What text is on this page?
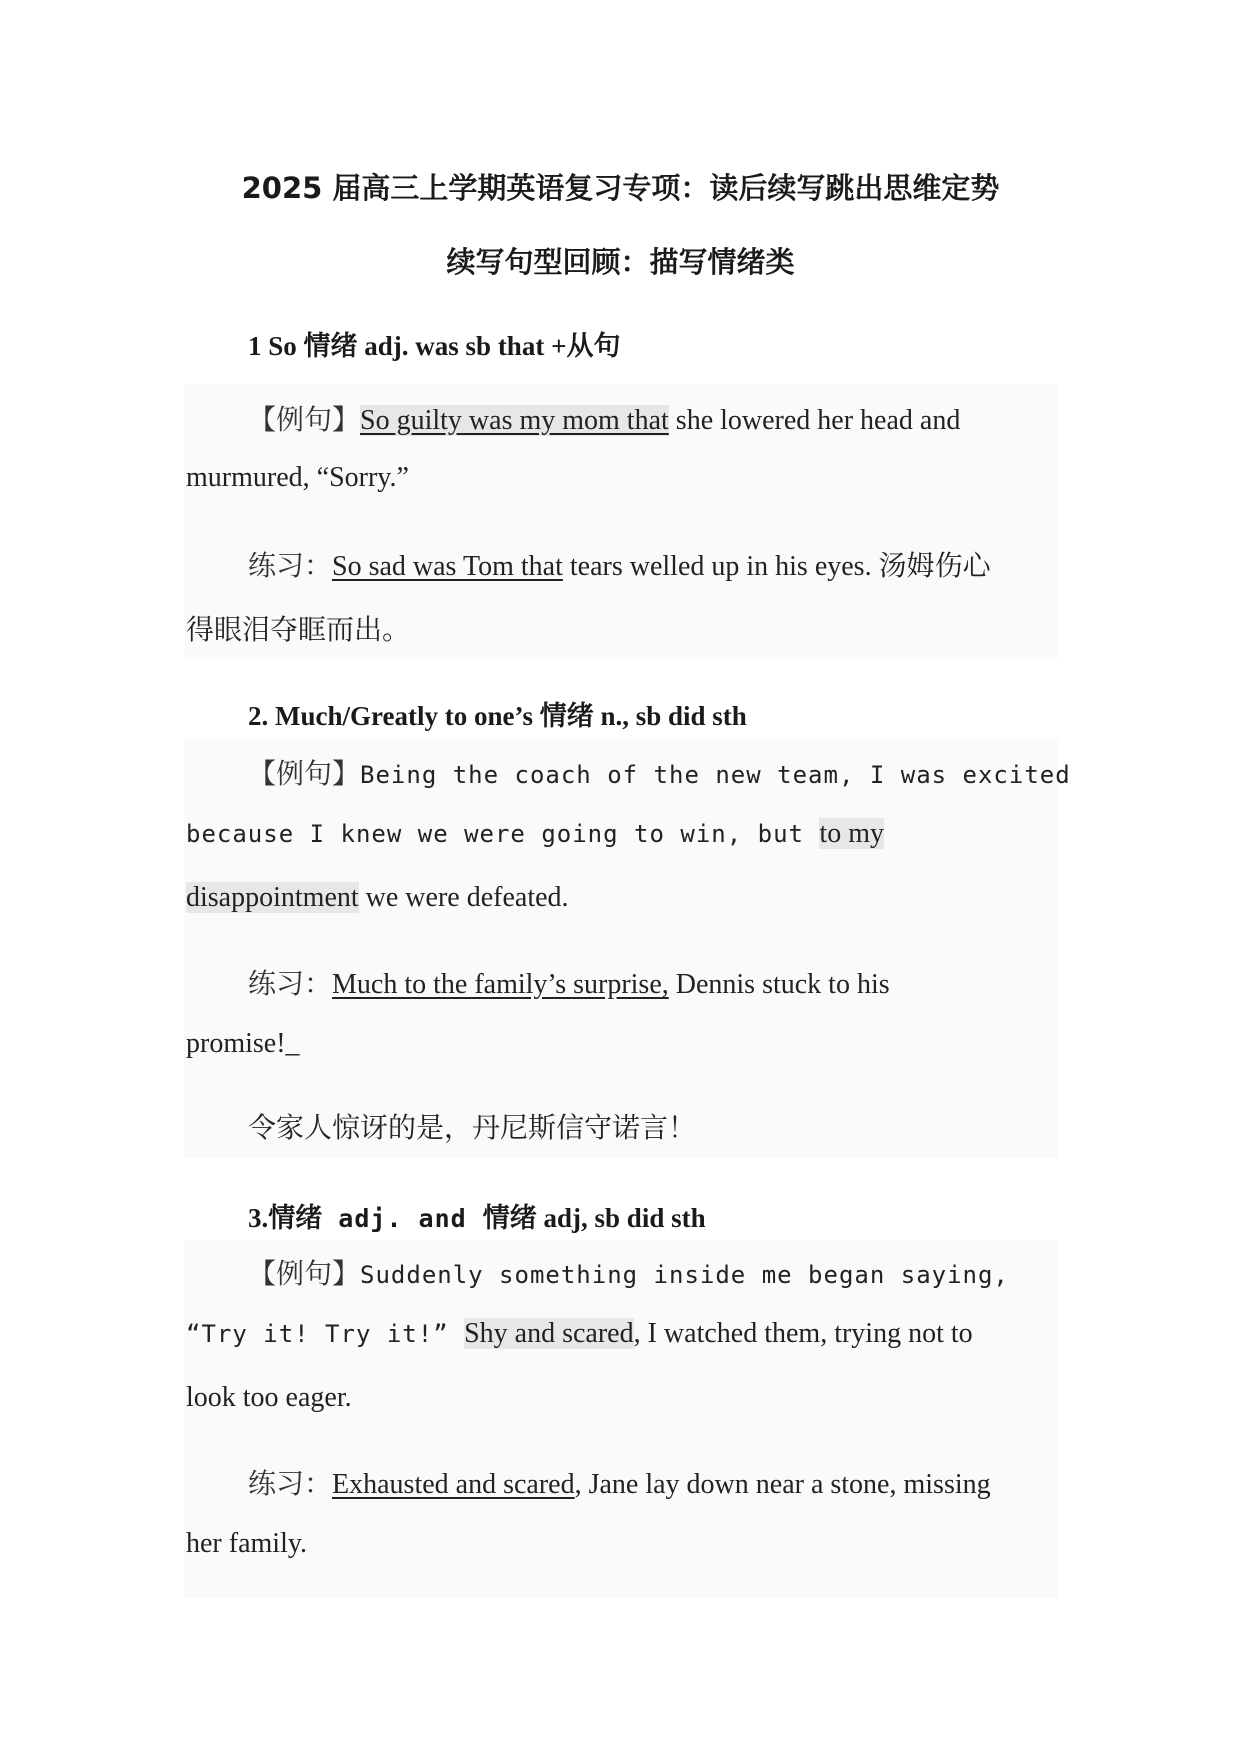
2025 届高三上学期英语复习专项：读后续写跳出思维定势
续写句型回顾：描写情绪类
1 So 情绪 adj. was sb that +从句
【例句】So guilty was my mom that she lowered her head and
murmured, “Sorry.”
练习：So sad was Tom that tears welled up in his eyes. 汤姆伤心
得眼泪夺眶而出。
2. Much/Greatly to one’s 情绪 n., sb did sth
【例句】Being the coach of the new team, I was excited
because I knew we were going to win, but to my
disappointment we were defeated.
练习：Much to the family’s surprise, Dennis stuck to his
promise!_
令家人惊讶的是，丹尼斯信守诺言！
3.情绪 adj. and 情绪 adj, sb did sth
【例句】Suddenly something inside me began saying,
“Try it! Try it!” Shy and scared, I watched them, trying not to
look too eager.
练习：Exhausted and scared, Jane lay down near a stone, missing
her family.
